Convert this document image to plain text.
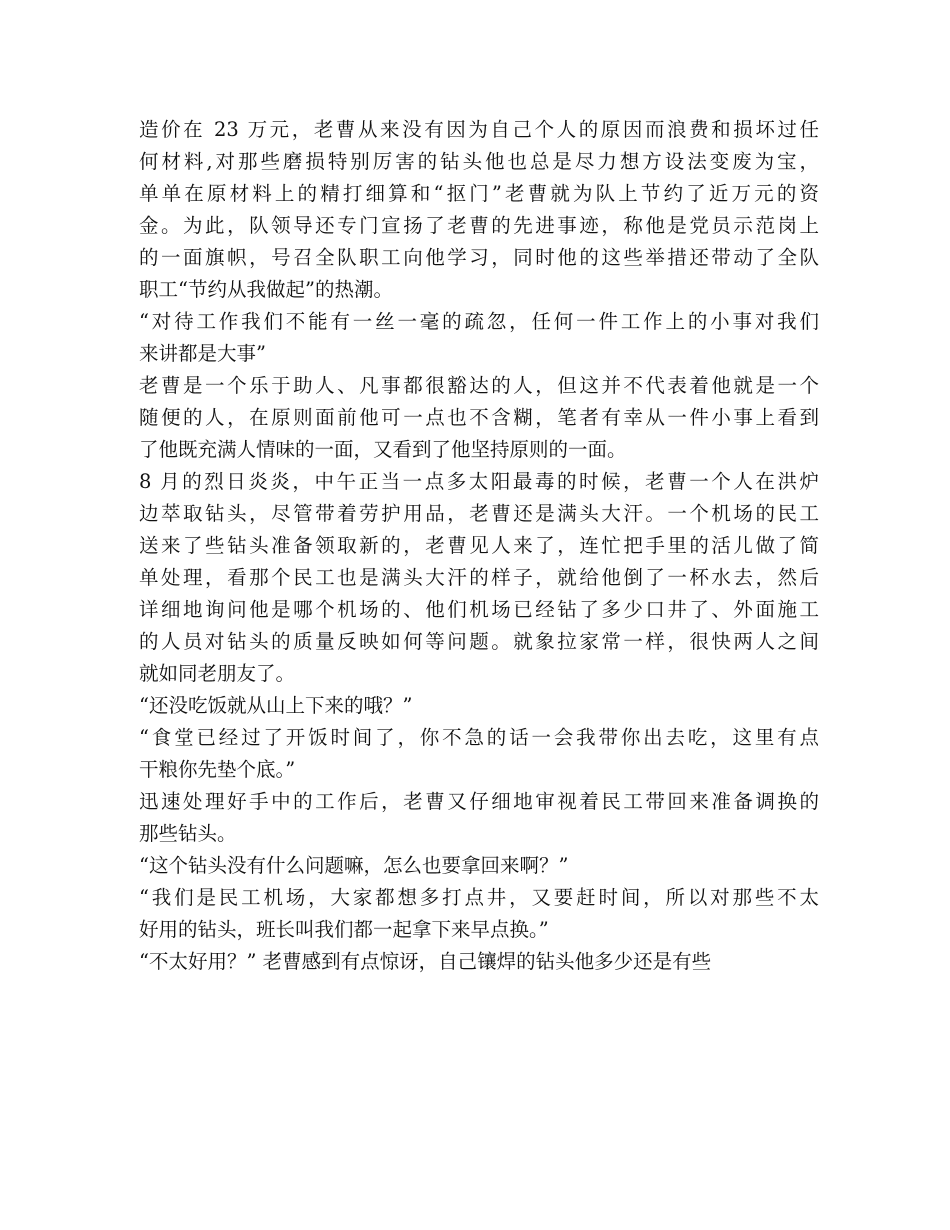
造价在 23 万元，老曹从来没有因为自己个人的原因而浪费和损坏过任
何材料,对那些磨损特别厉害的钻头他也总是尽力想方设法变废为宝，
单单在原材料上的精打细算和“抠门”老曹就为队上节约了近万元的资
金。为此，队领导还专门宣扬了老曹的先进事迹，称他是党员示范岗上
的一面旗帜，号召全队职工向他学习，同时他的这些举措还带动了全队
职工“节约从我做起”的热潮。
“对待工作我们不能有一丝一毫的疏忽，任何一件工作上的小事对我们
来讲都是大事”
老曹是一个乐于助人、凡事都很豁达的人，但这并不代表着他就是一个
随便的人，在原则面前他可一点也不含糊，笔者有幸从一件小事上看到
了他既充满人情味的一面，又看到了他坚持原则的一面。
8 月的烈日炎炎，中午正当一点多太阳最毒的时候，老曹一个人在洪炉
边萃取钻头，尽管带着劳护用品，老曹还是满头大汗。一个机场的民工
送来了些钻头准备领取新的，老曹见人来了，连忙把手里的活儿做了简
单处理，看那个民工也是满头大汗的样子，就给他倒了一杯水去，然后
详细地询问他是哪个机场的、他们机场已经钻了多少口井了、外面施工
的人员对钻头的质量反映如何等问题。就象拉家常一样，很快两人之间
就如同老朋友了。
“还没吃饭就从山上下来的哦？”
“食堂已经过了开饭时间了，你不急的话一会我带你出去吃，这里有点
干粮你先垫个底。”
迅速处理好手中的工作后，老曹又仔细地审视着民工带回来准备调换的
那些钻头。
“这个钻头没有什么问题嘛，怎么也要拿回来啊？”
“我们是民工机场，大家都想多打点井，又要赶时间，所以对那些不太
好用的钻头，班长叫我们都一起拿下来早点换。”
“不太好用？” 老曹感到有点惊讶，自己镶焊的钻头他多少还是有些
